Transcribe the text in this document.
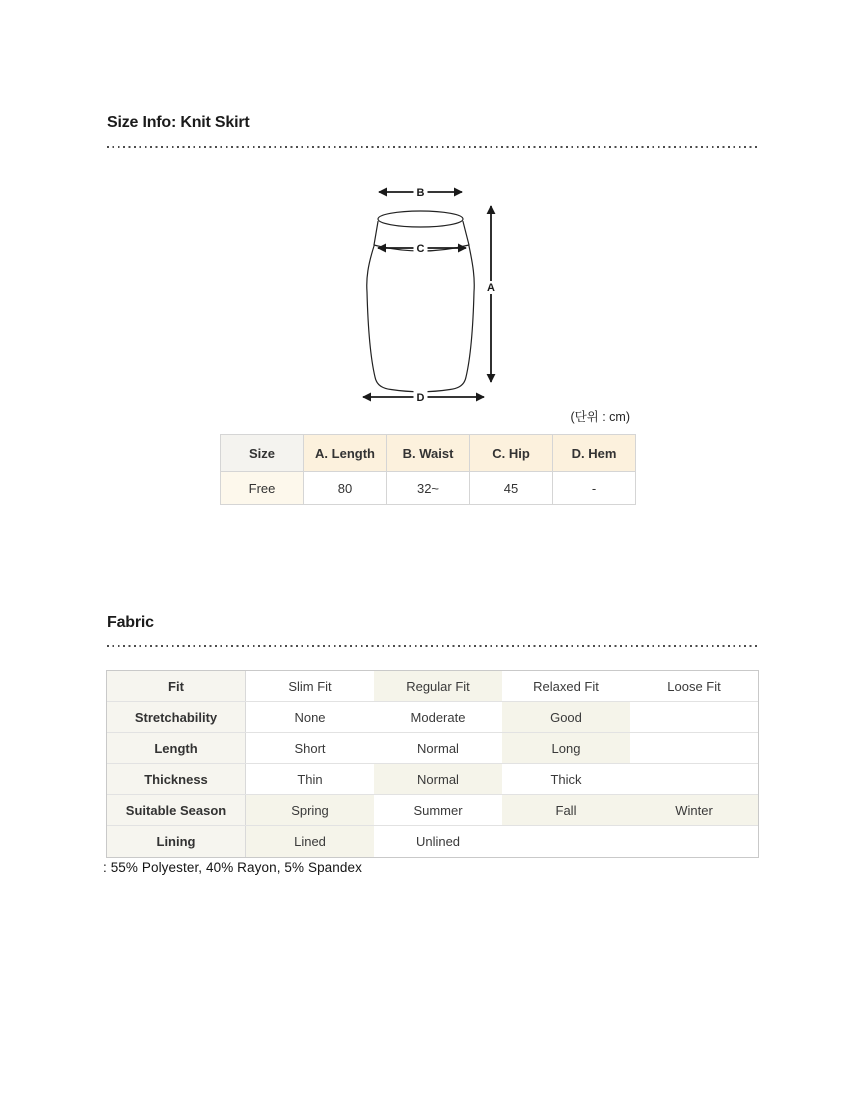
Size Info: Knit Skirt
B
C
A
D
(단위 : cm)
Size	A. Length	B. Waist	C. Hip	D. Hem
Free	80	32~	45	-
Fabric
Fit	Slim Fit	Regular Fit	Relaxed Fit	Loose Fit
Stretchability	None	Moderate	Good
Length	Short	Normal	Long
Thickness	Thin	Normal	Thick
Suitable Season	Spring	Summer	Fall	Winter
Lining	Lined	Unlined
: 55% Polyester, 40% Rayon, 5% Spandex
